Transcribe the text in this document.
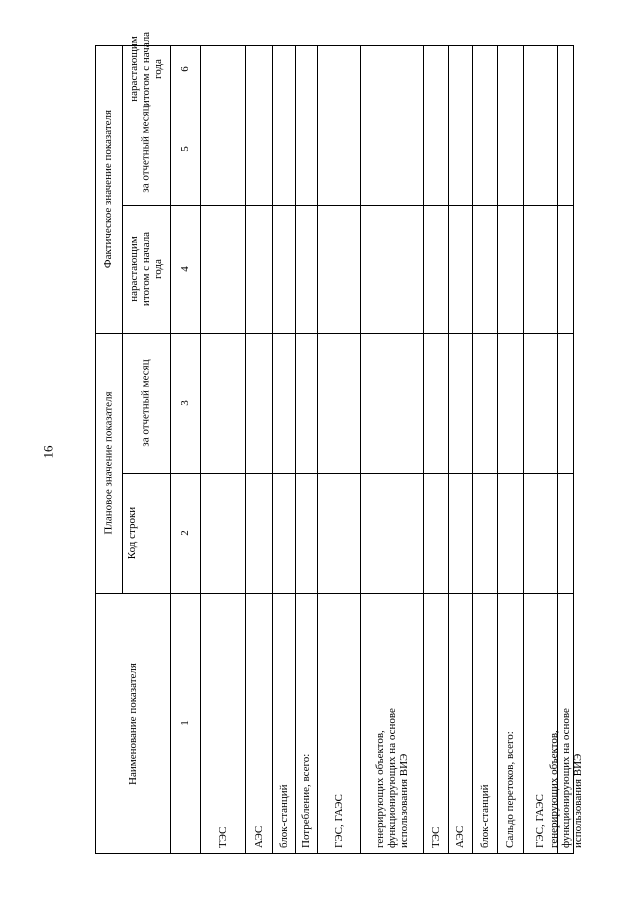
16
Наименование показателя
Код строки
Плановое значение показателя
Фактическое значение показателя
за отчетный месяц
нарастающим
итогом с начала
года
за отчетный месяц
нарастающим
итогом с начала
года
1
2
3
4
5
6
ТЭС АЭС блок-станций Потребление, всего: ГЭС, ГАЭС	генерирующих объектов,
функционирующих на основе
использования ВИЭ ТЭС АЭС блок-станций Сальдо перетоков, всего: ГЭС, ГАЭС генерирующих объектов,
функционирующих на основе
использования ВИЭ
